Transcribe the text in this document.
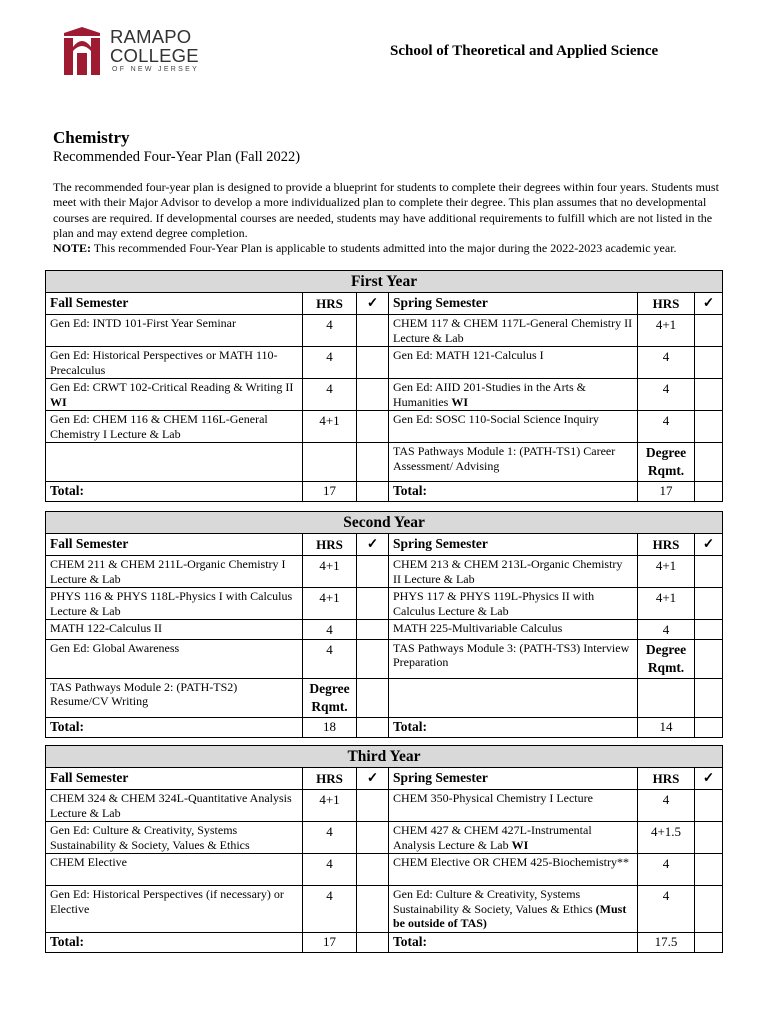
RAMAPO
COLLEGE
OF NEW JERSEY
School of Theoretical and Applied Science
Chemistry
Recommended Four-Year Plan (Fall 2022)

The recommended four-year plan is designed to provide a blueprint for students to complete their degrees within four years. Students must meet with their Major Advisor to develop a more individualized plan to complete their degree. This plan assumes that no developmental courses are required. If developmental courses are needed, students may have additional requirements to fulfill which are not listed in the plan and may extend degree completion.

NOTE: This recommended Four-Year Plan is applicable to students admitted into the major during the 2022-2023 academic year.

First Year					
Fall Semester	HRS	✓	Spring Semester	HRS	✓
Gen Ed: INTD 101-First Year Seminar	4		CHEM 117 & CHEM 117L-General Chemistry II Lecture & Lab	4+1	
Gen Ed: Historical Perspectives or MATH 110-Precalculus	4		Gen Ed: MATH 121-Calculus I	4	
Gen Ed: CRWT 102-Critical Reading & Writing II WI	4		Gen Ed: AIID 201-Studies in the Arts & Humanities WI	4	
Gen Ed: CHEM 116 & CHEM 116L-General Chemistry I Lecture & Lab	4+1		Gen Ed: SOSC 110-Social Science Inquiry	4	
			TAS Pathways Module 1: (PATH-TS1) Career Assessment/ Advising	Degree Rqmt.	
Total:	17		Total:	17	
Second Year					
Fall Semester	HRS	✓	Spring Semester	HRS	✓
CHEM 211 & CHEM 211L-Organic Chemistry I Lecture & Lab	4+1		CHEM 213 & CHEM 213L-Organic Chemistry II Lecture & Lab	4+1	
PHYS 116 & PHYS 118L-Physics I with Calculus Lecture & Lab	4+1		PHYS 117 & PHYS 119L-Physics II with Calculus Lecture & Lab	4+1	
MATH 122-Calculus II	4		MATH 225-Multivariable Calculus	4	
Gen Ed: Global Awareness	4		TAS Pathways Module 3: (PATH-TS3) Interview Preparation	Degree Rqmt.	
TAS Pathways Module 2: (PATH-TS2) Resume/CV Writing	Degree Rqmt.				
Total:	18		Total:	14	
Third Year					
Fall Semester	HRS	✓	Spring Semester	HRS	✓
CHEM 324 & CHEM 324L-Quantitative Analysis Lecture & Lab	4+1		CHEM 350-Physical Chemistry I Lecture	4	
Gen Ed: Culture & Creativity, Systems Sustainability & Society, Values & Ethics	4		CHEM 427 & CHEM 427L-Instrumental Analysis Lecture & Lab WI	4+1.5	
CHEM Elective	4		CHEM Elective OR CHEM 425-Biochemistry**	4	
Gen Ed: Historical Perspectives (if necessary) or Elective	4		Gen Ed: Culture & Creativity, Systems Sustainability & Society, Values & Ethics (Must be outside of TAS)	4	
Total:	17		Total:	17.5	
